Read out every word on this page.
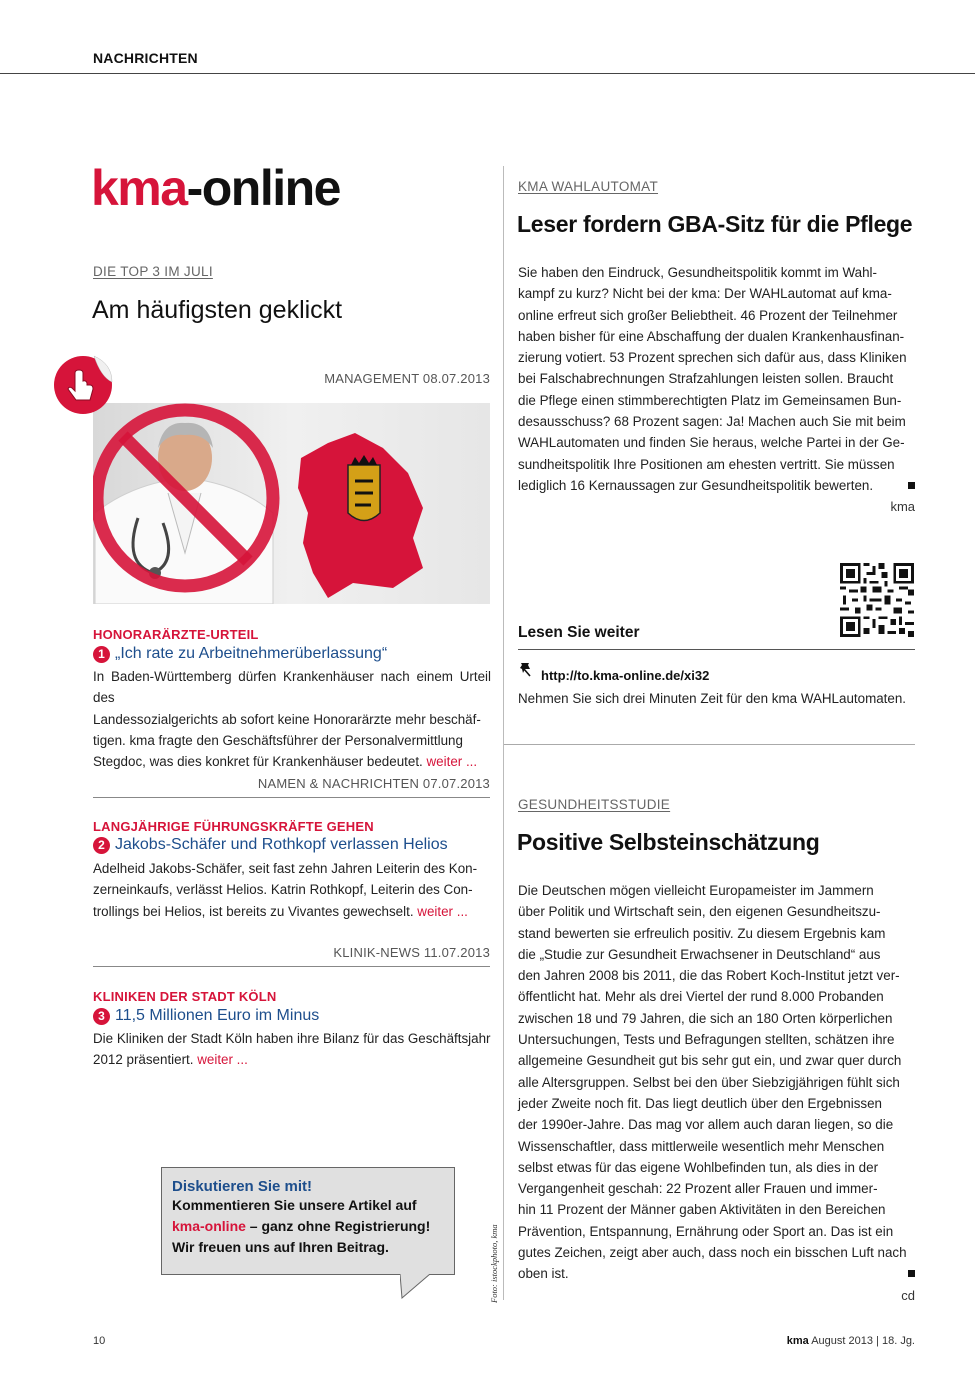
NACHRICHTEN
kma-online
DIE TOP 3 IM JULI
Am häufigsten geklickt
MANAGEMENT 08.07.2013
HONORARÄRZTE-URTEIL
1 „Ich rate zu Arbeitnehmerüberlassung“
In Baden-Württemberg dürfen Krankenhäuser nach einem Urteil des
Landessozialgerichts ab sofort keine Honorarärzte mehr beschäf-
tigen. kma fragte den Geschäftsführer der Personalvermittlung
Stegdoc, was dies konkret für Krankenhäuser bedeutet. weiter ...
NAMEN & NACHRICHTEN 07.07.2013
LANGJÄHRIGE FÜHRUNGSKRÄFTE GEHEN
2 Jakobs-Schäfer und Rothkopf verlassen Helios
Adelheid Jakobs-Schäfer, seit fast zehn Jahren Leiterin des Kon-
zerneinkaufs, verlässt Helios. Katrin Rothkopf, Leiterin des Con-
trollings bei Helios, ist bereits zu Vivantes gewechselt. weiter ...
KLINIK-NEWS 11.07.2013
KLINIKEN DER STADT KÖLN
3 11,5 Millionen Euro im Minus
Die Kliniken der Stadt Köln haben ihre Bilanz für das Geschäftsjahr
2012 präsentiert. weiter ...
Diskutieren Sie mit!
Kommentieren Sie unsere Artikel auf
kma-online – ganz ohne Registrierung!
Wir freuen uns auf Ihren Beitrag.	Foto: istockphoto, kma
KMA WAHLAUTOMAT
Leser fordern GBA-Sitz für die Pflege
Sie haben den Eindruck, Gesundheitspolitik kommt im Wahl-
kampf zu kurz? Nicht bei der kma: Der WAHLautomat auf kma-
online erfreut sich großer Beliebtheit. 46 Prozent der Teilnehmer
haben bisher für eine Abschaffung der dualen Krankenhausfinan-
zierung votiert. 53 Prozent sprechen sich dafür aus, dass Kliniken
bei Falschabrechnungen Strafzahlungen leisten sollen. Braucht
die Pflege einen stimmberechtigten Platz im Gemeinsamen Bun-
desausschuss? 68 Prozent sagen: Ja! Machen auch Sie mit beim
WAHLautomaten und finden Sie heraus, welche Partei in der Ge-
sundheitspolitik Ihre Positionen am ehesten vertritt. Sie müssen
lediglich 16 Kernaussagen zur Gesundheitspolitik bewerten.
kma
Lesen Sie weiter
http://to.kma-online.de/xi32
Nehmen Sie sich drei Minuten Zeit für den kma WAHLautomaten.
GESUNDHEITSSTUDIE
Positive Selbsteinschätzung
Die Deutschen mögen vielleicht Europameister im Jammern
über Politik und Wirtschaft sein, den eigenen Gesundheitszu-
stand bewerten sie erfreulich positiv. Zu diesem Ergebnis kam
die „Studie zur Gesundheit Erwachsener in Deutschland“ aus
den Jahren 2008 bis 2011, die das Robert Koch-Institut jetzt ver-
öffentlicht hat. Mehr als drei Viertel der rund 8.000 Probanden
zwischen 18 und 79 Jahren, die sich an 180 Orten körperlichen
Untersuchungen, Tests und Befragungen stellten, schätzen ihre
allgemeine Gesundheit gut bis sehr gut ein, und zwar quer durch
alle Altersgruppen. Selbst bei den über Siebzigjährigen fühlt sich
jeder Zweite noch fit. Das liegt deutlich über den Ergebnissen
der 1990er-Jahre. Das mag vor allem auch daran liegen, so die
Wissenschaftler, dass mittlerweile wesentlich mehr Menschen
selbst etwas für das eigene Wohlbefinden tun, als dies in der
Vergangenheit geschah: 22 Prozent aller Frauen und immer-
hin 11 Prozent der Männer gaben Aktivitäten in den Bereichen
Prävention, Entspannung, Ernährung oder Sport an. Das ist ein
gutes Zeichen, zeigt aber auch, dass noch ein bisschen Luft nach
oben ist.
cd
10	kma August 2013 | 18. Jg.
